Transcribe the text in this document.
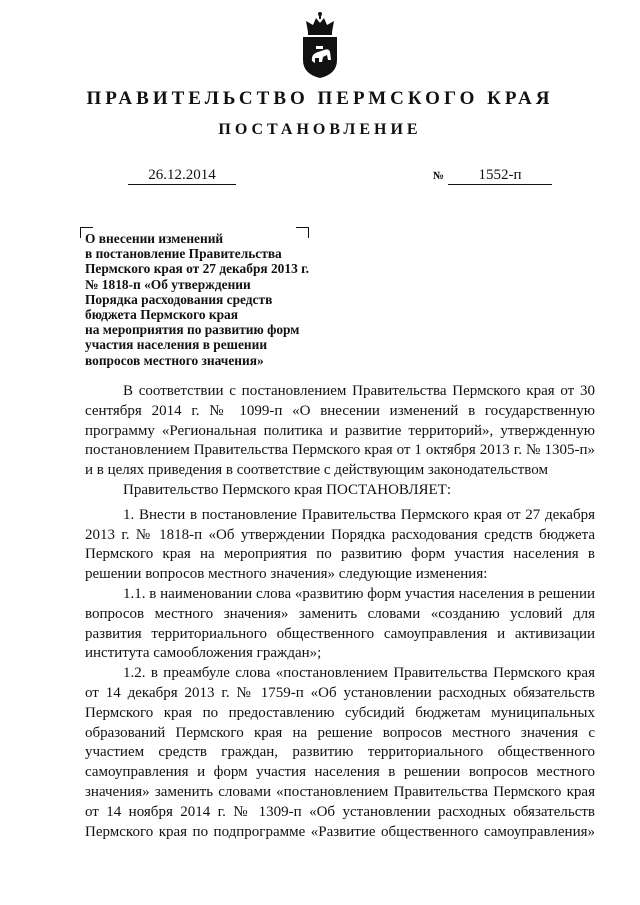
ПРАВИТЕЛЬСТВО ПЕРМСКОГО КРАЯ
ПОСТАНОВЛЕНИЕ
26.12.2014	№	1552-п
О внесении изменений
в постановление Правительства
Пермского края от 27 декабря 2013 г.
№ 1818-п «Об утверждении
Порядка расходования средств
бюджета Пермского края
на мероприятия по развитию форм
участия населения в решении
вопросов местного значения»

В соответствии с постановлением Правительства Пермского края от 30 сентября 2014 г. № 1099-п «О внесении изменений в государственную программу «Региональная политика и развитие территорий», утвержденную постановлением Правительства Пермского края от 1 октября 2013 г. № 1305-п» и в целях приведения в соответствие с действующим законодательством

Правительство Пермского края ПОСТАНОВЛЯЕТ:

1. Внести в постановление Правительства Пермского края от 27 декабря 2013 г. № 1818-п «Об утверждении Порядка расходования средств бюджета Пермского края на мероприятия по развитию форм участия населения в решении вопросов местного значения» следующие изменения:

1.1. в наименовании слова «развитию форм участия населения в решении вопросов местного значения» заменить словами «созданию условий для развития территориального общественного самоуправления и активизации института самообложения граждан»;

1.2. в преамбуле слова «постановлением Правительства Пермского края от 14 декабря 2013 г. № 1759-п «Об установлении расходных обязательств Пермского края по предоставлению субсидий бюджетам муниципальных образований Пермского края на решение вопросов местного значения с участием средств граждан, развитию территориального общественного самоуправления и форм участия населения в решении вопросов местного значения» заменить словами «постановлением Правительства Пермского края от 14 ноября 2014 г. № 1309-п «Об установлении расходных обязательств Пермского края по подпрограмме «Развитие общественного самоуправления»
